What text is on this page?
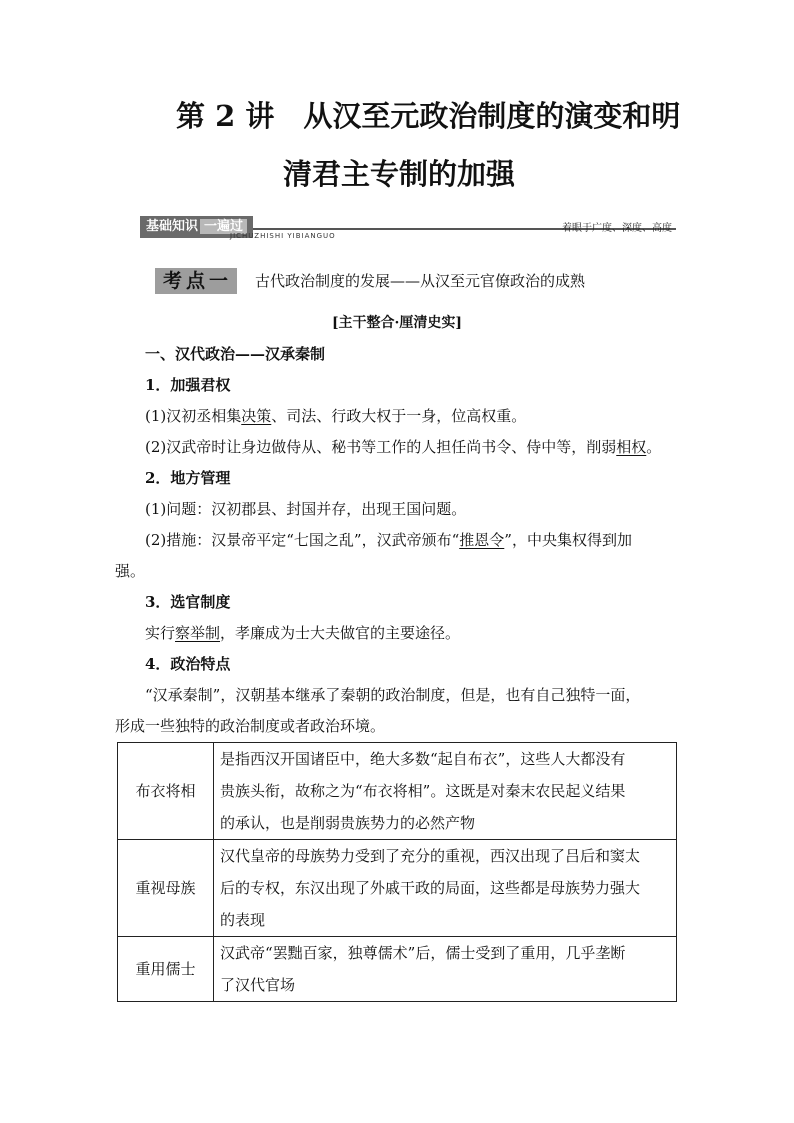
第 2 讲　从汉至元政治制度的演变和明
清君主专制的加强
基础知识 一遍过
JICHUZHISHI YIBIANGUO
着眼于广度、深度、高度
考点一 古代政治制度的发展——从汉至元官僚政治的成熟
[主干整合·厘清史实]
一、汉代政治——汉承秦制
1．加强君权
(1)汉初丞相集决策、司法、行政大权于一身，位高权重。
(2)汉武帝时让身边做侍从、秘书等工作的人担任尚书令、侍中等，削弱相权。
2．地方管理
(1)问题：汉初郡县、封国并存，出现王国问题。
(2)措施：汉景帝平定“七国之乱”，汉武帝颁布“推恩令”，中央集权得到加
强。
3．选官制度
实行察举制，孝廉成为士大夫做官的主要途径。
4．政治特点
“汉承秦制”，汉朝基本继承了秦朝的政治制度，但是，也有自己独特一面，
形成一些独特的政治制度或者政治环境。
布衣将相	是指西汉开国诸臣中，绝大多数“起自布衣”，这些人大都没有
贵族头衔，故称之为“布衣将相”。这既是对秦末农民起义结果
的承认，也是削弱贵族势力的必然产物

重视母族	汉代皇帝的母族势力受到了充分的重视，西汉出现了吕后和窦太
后的专权，东汉出现了外戚干政的局面，这些都是母族势力强大
的表现

重用儒士	汉武帝“罢黜百家，独尊儒术”后，儒士受到了重用，几乎垄断
了汉代官场
